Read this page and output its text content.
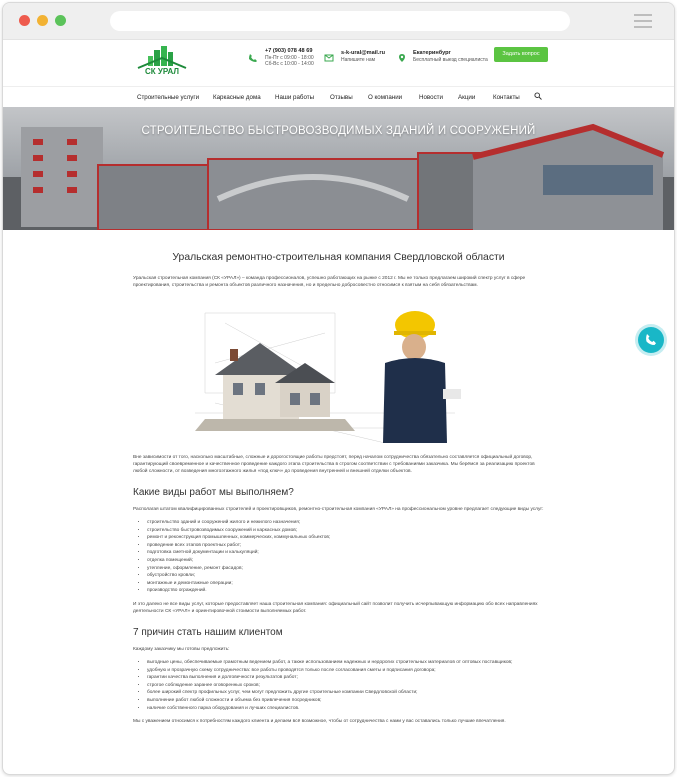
СК УРАЛ
+7 (903) 078 48 69
Пн-Пт с 09:00 - 18:00
Сб-Вс с 10:00 - 14:00
s-k-ural@mail.ru
Напишите нам
Екатеринбург
Бесплатный выезд специалиста
Задать вопрос
Строительные услуги Каркасные дома Наши работы	Отзывы О компании	Новости Акции	Контакты
СТРОИТЕЛЬСТВО БЫСТРОВОЗВОДИМЫХ ЗДАНИЙ И СООРУЖЕНИЙ
Уральская ремонтно-строительная компания Свердловской области

Уральская строительная компания (СК «УРАЛ») – команда профессионалов, успешно работающих на рынке с 2012 г. Мы не только предлагаем широкий спектр услуг в сфере проектирования, строительства и ремонта объектов различного назначения, но и предельно добросовестно относимся к взятым на себя обязательствам.

Вне зависимости от того, насколько масштабные, сложные и дорогостоящие работы предстоят, перед началом сотрудничества обязательно составляется официальный договор, гарантирующий своевременное и качественное проведение каждого этапа строительства в строгом соответствии с требованиями заказчика. Мы берёмся за реализацию проектов любой сложности, от возведения многоэтажного жилья «под ключ» до проведения внутренней и внешней отделки объектов.

Какие виды работ мы выполняем?

Располагая штатом квалифицированных строителей и проектировщиков, ремонтно-строительная компания «УРАЛ» на профессиональном уровне предлагает следующие виды услуг:

• строительство зданий и сооружений жилого и нежилого назначения;
• строительство быстровозводимых сооружений и каркасных домов;
• ремонт и реконструкция промышленных, коммерческих, коммунальных объектов;
• проведение всех этапов проектных работ;
• подготовка сметной документации и калькуляций;
• отделка помещений;
• утепление, оформление, ремонт фасадов;
• обустройство кровли;
• монтажные и демонтажные операции;
• производство ограждений.

И это далеко не все виды услуг, которые предоставляет наша строительная компания: официальный сайт позволит получить исчерпывающую информацию обо всех направлениях деятельности СК «УРАЛ» и ориентировочной стоимости выполняемых работ.

7 причин стать нашим клиентом

Каждому заказчику мы готовы предложить:

• выгодные цены, обеспечиваемые грамотным ведением работ, а также использованием надежных и недорогих строительных материалов от оптовых поставщиков;
• удобную и прозрачную схему сотрудничества: все работы проводятся только после согласования сметы и подписания договора;
• гарантии качества выполнения и долговечности результатов работ;
• строгое соблюдение заранее оговоренных сроков;
• более широкий спектр профильных услуг, чем могут предложить другие строительные компании Свердловской области;
• выполнение работ любой сложности и объема без привлечения посредников;
• наличие собственного парка оборудования и лучших специалистов.

Мы с уважением относимся к потребностям каждого клиента и делаем всё возможное, чтобы от сотрудничества с нами у вас оставались только лучшие впечатления.
